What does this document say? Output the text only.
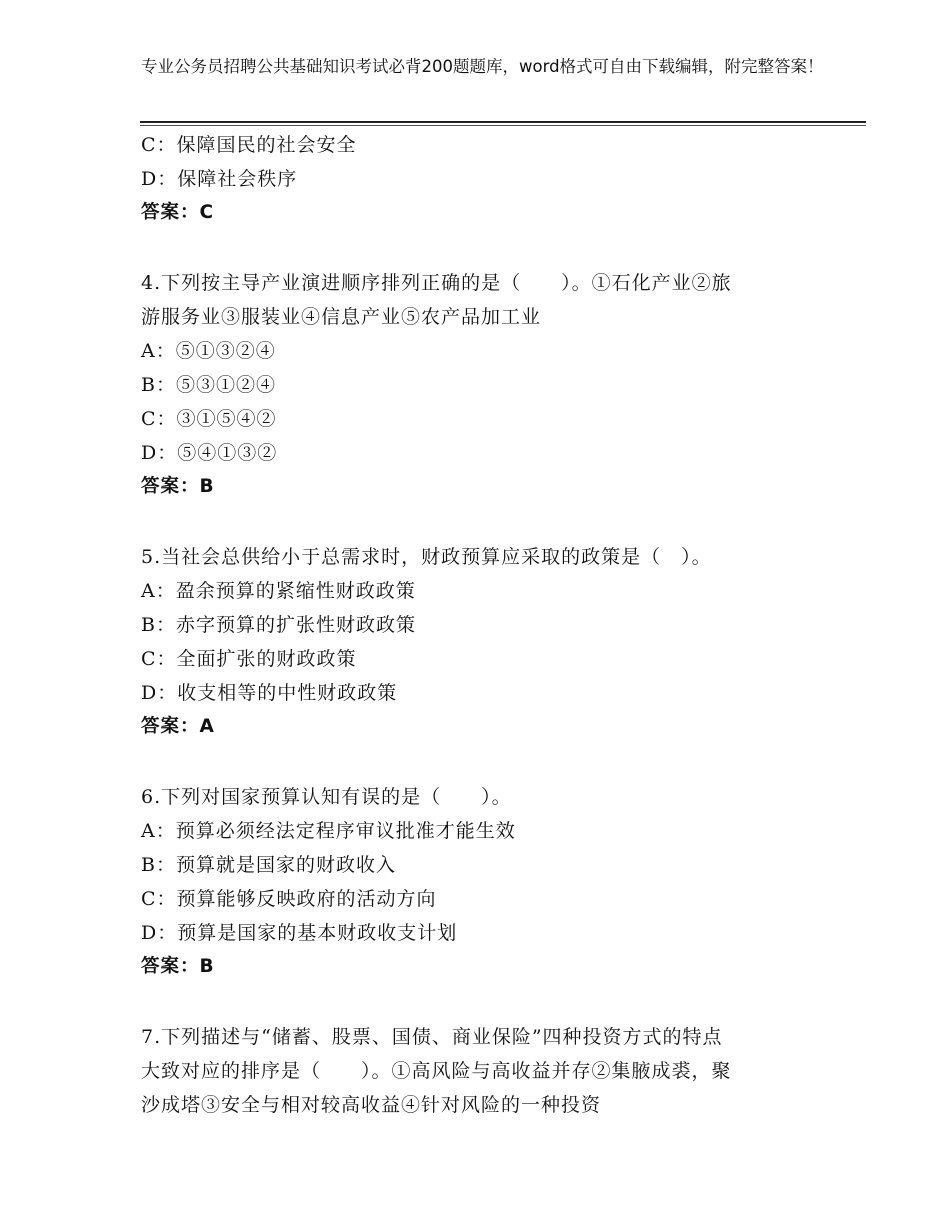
专业公务员招聘公共基础知识考试必背200题题库，word格式可自由下载编辑，附完整答案！
C：保障国民的社会安全
D：保障社会秩序
答案：C
4.下列按主导产业演进顺序排列正确的是（　　）。①石化产业②旅
游服务业③服装业④信息产业⑤农产品加工业
A：⑤①③②④
B：⑤③①②④
C：③①⑤④②
D：⑤④①③②
答案：B
5.当社会总供给小于总需求时，财政预算应采取的政策是（　）。
A：盈余预算的紧缩性财政政策
B：赤字预算的扩张性财政政策
C：全面扩张的财政政策
D：收支相等的中性财政政策
答案：A
6.下列对国家预算认知有误的是（　　）。
A：预算必须经法定程序审议批准才能生效
B：预算就是国家的财政收入
C：预算能够反映政府的活动方向
D：预算是国家的基本财政收支计划
答案：B
7.下列描述与“储蓄、股票、国债、商业保险”四种投资方式的特点
大致对应的排序是（　　）。①高风险与高收益并存②集腋成裘，聚
沙成塔③安全与相对较高收益④针对风险的一种投资
